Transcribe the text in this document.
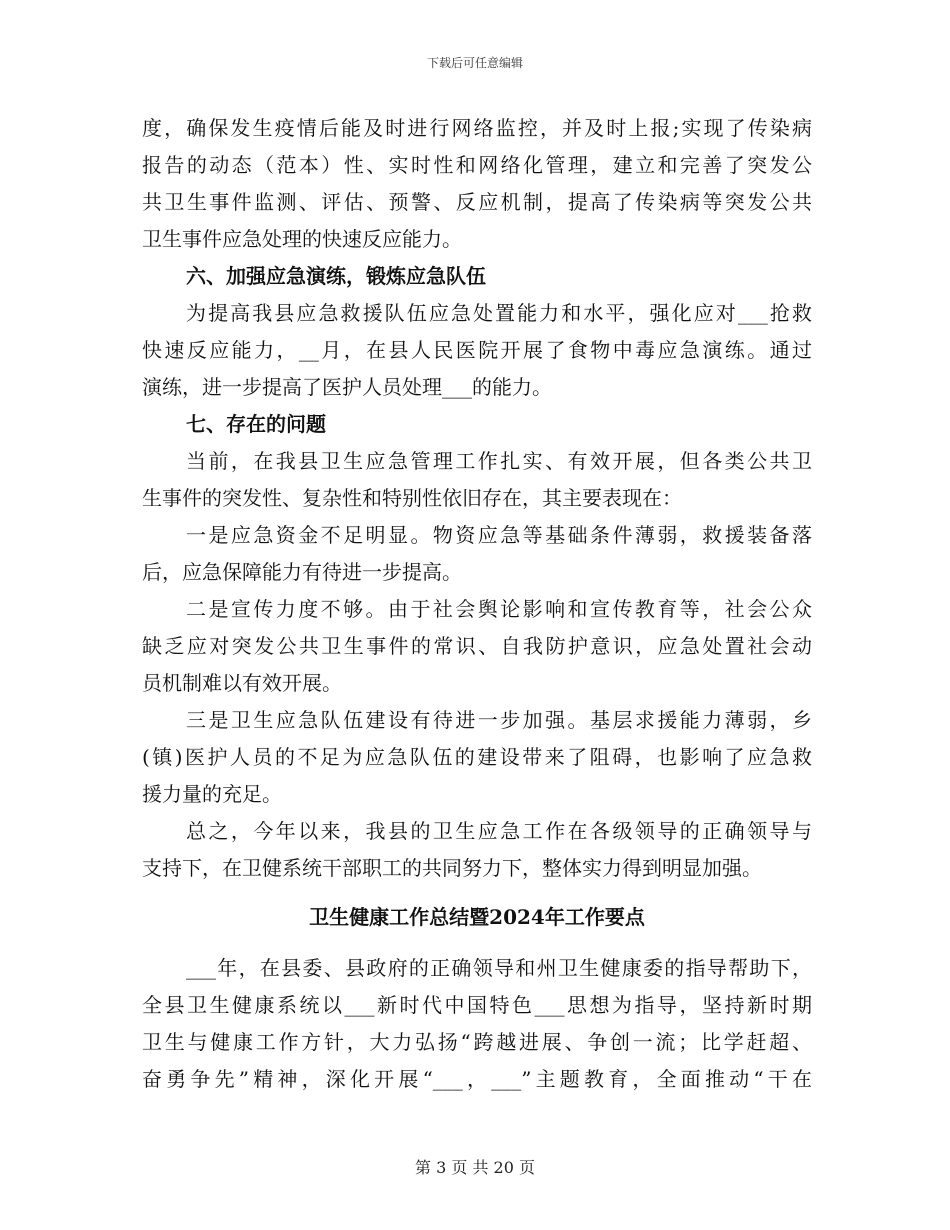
下载后可任意编辑
度，确保发生疫情后能及时进行网络监控，并及时上报;实现了传染病
报告的动态（范本）性、实时性和网络化管理，建立和完善了突发公
共卫生事件监测、评估、预警、反应机制，提高了传染病等突发公共
卫生事件应急处理的快速反应能力。
六、加强应急演练，锻炼应急队伍
为提高我县应急救援队伍应急处置能力和水平，强化应对___抢救
快速反应能力，__月，在县人民医院开展了食物中毒应急演练。通过
演练，进一步提高了医护人员处理___的能力。
七、存在的问题
当前，在我县卫生应急管理工作扎实、有效开展，但各类公共卫
生事件的突发性、复杂性和特别性依旧存在，其主要表现在：
一是应急资金不足明显。物资应急等基础条件薄弱，救援装备落
后，应急保障能力有待进一步提高。
二是宣传力度不够。由于社会舆论影响和宣传教育等，社会公众
缺乏应对突发公共卫生事件的常识、自我防护意识，应急处置社会动
员机制难以有效开展。
三是卫生应急队伍建设有待进一步加强。基层求援能力薄弱，乡
(镇)医护人员的不足为应急队伍的建设带来了阻碍，也影响了应急救
援力量的充足。
总之，今年以来，我县的卫生应急工作在各级领导的正确领导与
支持下，在卫健系统干部职工的共同努力下，整体实力得到明显加强。
卫生健康工作总结暨2024年工作要点
___年，在县委、县政府的正确领导和州卫生健康委的指导帮助下，
全县卫生健康系统以___新时代中国特色___思想为指导，坚持新时期
卫生与健康工作方针，大力弘扬“跨越进展、争创一流；比学赶超、
奋勇争先”精神，深化开展“___，___”主题教育，全面推动“干在
第 3 页 共 20 页
